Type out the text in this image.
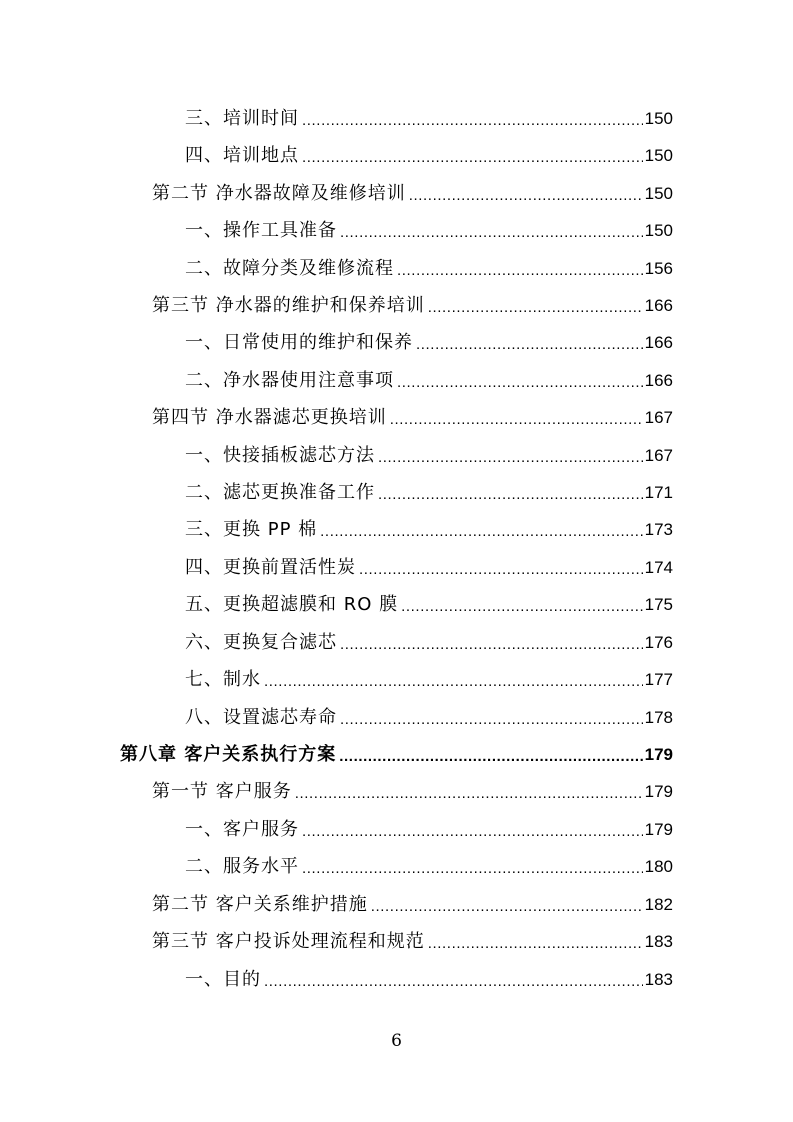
三、培训时间 .....	150
四、培训地点 .....	150
第二节 净水器故障及维修培训 .....	150
一、操作工具准备 .....	150
二、故障分类及维修流程 .....	156
第三节 净水器的维护和保养培训 .....	166
一、日常使用的维护和保养 .....	166
二、净水器使用注意事项 .....	166
第四节 净水器滤芯更换培训 .....	167
一、快接插板滤芯方法 .....	167
二、滤芯更换准备工作 .....	171
三、更换 PP 棉 .....	173
四、更换前置活性炭 .....	174
五、更换超滤膜和 RO 膜 .....	175
六、更换复合滤芯 .....	176
七、制水 .....	177
八、设置滤芯寿命 .....	178
第八章 客户关系执行方案 .....	179
第一节 客户服务 .....	179
一、客户服务 .....	179
二、服务水平 .....	180
第二节 客户关系维护措施 .....	182
第三节 客户投诉处理流程和规范 .....	183
一、目的 .....	183
6
